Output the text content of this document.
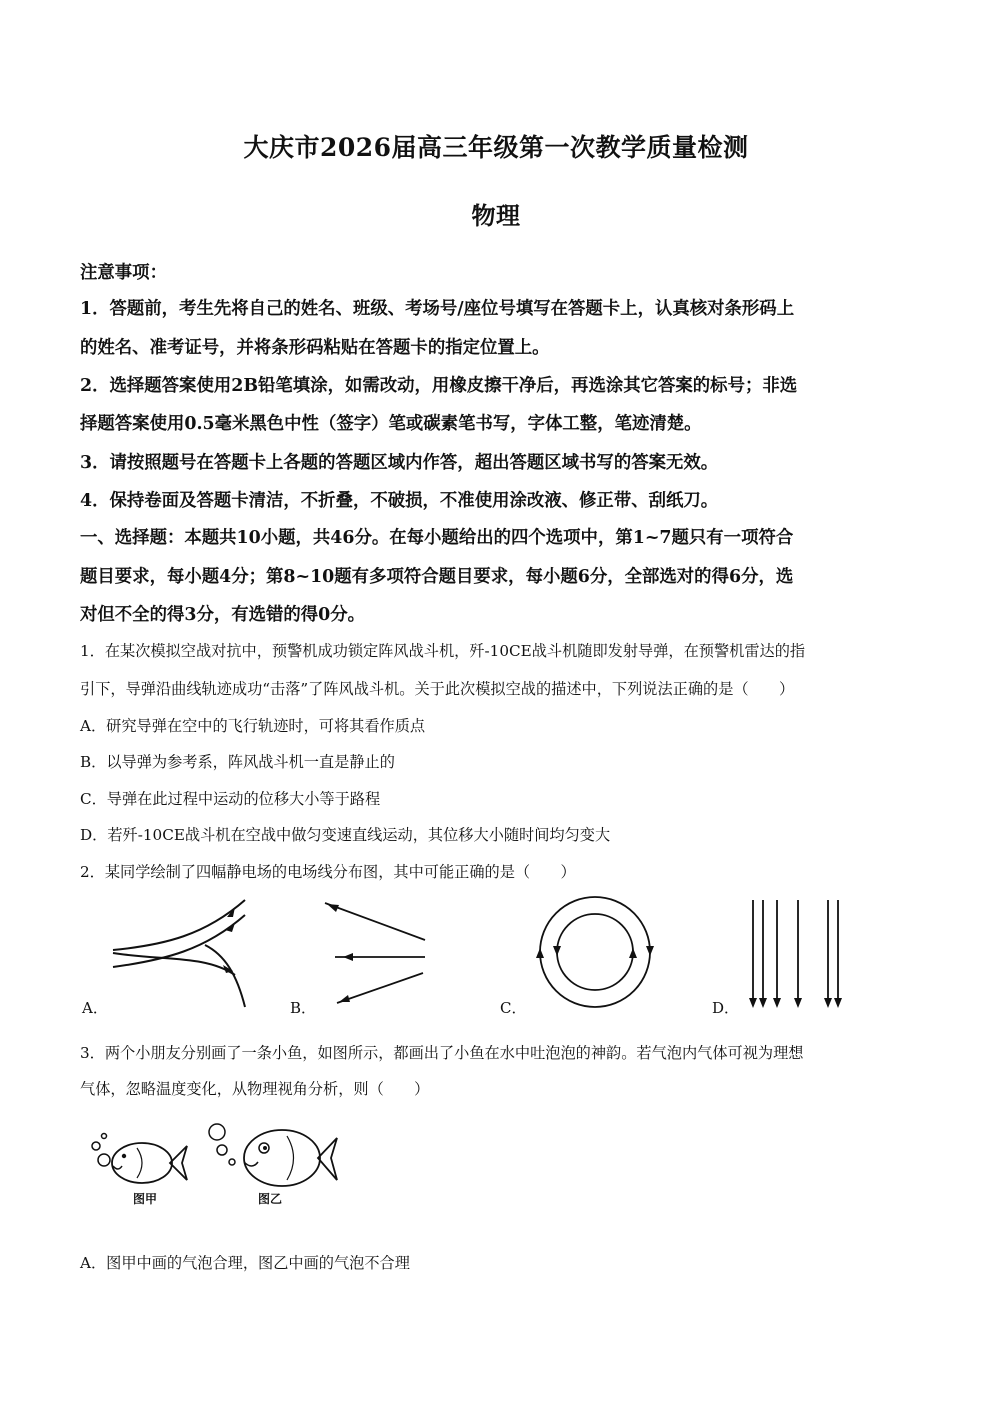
大庆市2026届高三年级第一次教学质量检测
物理
注意事项：
1．答题前，考生先将自己的姓名、班级、考场号/座位号填写在答题卡上，认真核对条形码上
的姓名、准考证号，并将条形码粘贴在答题卡的指定位置上。
2．选择题答案使用2B铅笔填涂，如需改动，用橡皮擦干净后，再选涂其它答案的标号；非选
择题答案使用0.5毫米黑色中性（签字）笔或碳素笔书写，字体工整，笔迹清楚。
3．请按照题号在答题卡上各题的答题区域内作答，超出答题区域书写的答案无效。
4．保持卷面及答题卡清洁，不折叠，不破损，不准使用涂改液、修正带、刮纸刀。
一、选择题：本题共10小题，共46分。在每小题给出的四个选项中，第1~7题只有一项符合
题目要求，每小题4分；第8~10题有多项符合题目要求，每小题6分，全部选对的得6分，选
对但不全的得3分，有选错的得0分。
1．在某次模拟空战对抗中，预警机成功锁定阵风战斗机，歼-10CE战斗机随即发射导弹，在预警机雷达的指
引下，导弹沿曲线轨迹成功“击落”了阵风战斗机。关于此次模拟空战的描述中，下列说法正确的是（　　）
A．研究导弹在空中的飞行轨迹时，可将其看作质点
B．以导弹为参考系，阵风战斗机一直是静止的
C．导弹在此过程中运动的位移大小等于路程
D．若歼-10CE战斗机在空战中做匀变速直线运动，其位移大小随时间均匀变大
2．某同学绘制了四幅静电场的电场线分布图，其中可能正确的是（　　）
A．	B．	C．	D．
3．两个小朋友分别画了一条小鱼，如图所示，都画出了小鱼在水中吐泡泡的神韵。若气泡内气体可视为理想
气体，忽略温度变化，从物理视角分析，则（　　）
图甲	图乙
A．图甲中画的气泡合理，图乙中画的气泡不合理
